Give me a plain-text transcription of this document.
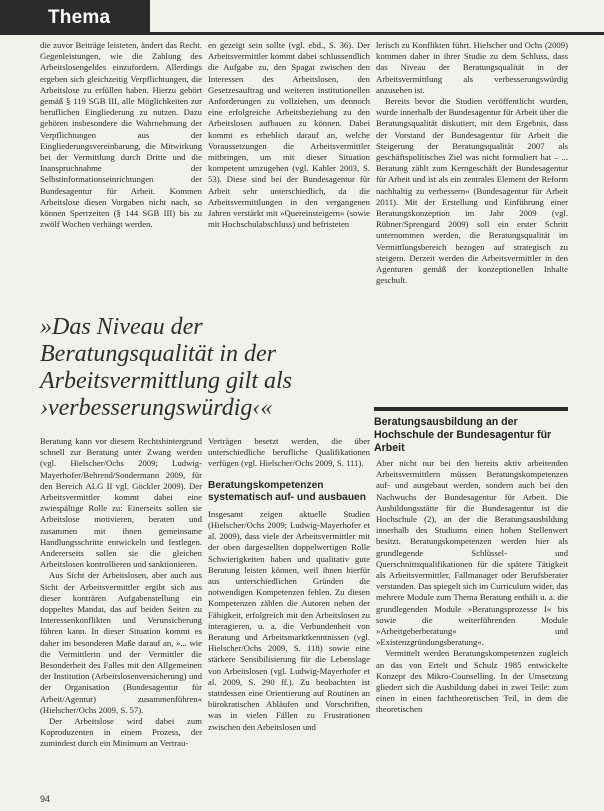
Thema

die zuvor Beiträge leisteten, ändert das Recht. Gegenleistungen, wie die Zahlung des Arbeitslosengeldes einzufordern. Allerdings ergeben sich gleichzeitig Verpflichtungen, die Arbeitslose zu erfüllen haben. Hierzu gehört gemäß § 119 SGB III, alle Möglichkeiten zur beruflichen Eingliederung zu nutzen. Dazu gehören insbesondere die Wahrnehmung der Verpflichtungen aus der Eingliederungsvereinbarung, die Mitwirkung bei der Vermittlung durch Dritte und die Inanspruchnahme der Selbstinformationseinrichtungen der Bundesagentur für Arbeit. Kommen Arbeitslose diesen Vorgaben nicht nach, so können Sperrzeiten (§ 144 SGB III) bis zu zwölf Wochen verhängt werden.

en gezeigt sein sollte (vgl. ebd., S. 36). Der Arbeitsvermittler kommt dabei schlussendlich die Aufgabe zu, den Spagat zwischen den Interessen des Arbeitslosen, den Gesetzesauftrag und weiteren institutionellen Anforderungen zu vollziehen, um dennoch eine erfolgreiche Arbeitsbeziehung zu den Arbeitslosen aufbauen zu können. Dabei kommt es erheblich darauf an, welche Voraussetzungen die Arbeitsvermittler mitbringen, um mit dieser Situation kompetent umzugehen (vgl. Kahler 2003, S. 53). Diese sind bei der Bundesagentur für Arbeit sehr unterschiedlich, da die Arbeitsvermittlungen in den vergangenen Jahren verstärkt mit »Quereinsteigern« (sowie mit Hochschulabschluss) und befristeten

lerisch zu Konflikten führt. Hielscher und Ochs (2009) kommen daher in ihrer Studie zu dem Schluss, dass das Niveau der Beratungsqualität in der Arbeitsvermittlung als verbesserungswürdig anzusehen ist.

Bereits bevor die Studien veröffentlicht wurden, wurde innerhalb der Bundesagentur für Arbeit über die Beratungsqualität diskutiert, mit dem Ergebnis, dass der Vorstand der Bundesagentur für Arbeit die Steigerung der Beratungsqualität 2007 als geschäftspolitisches Ziel was nicht formuliert hat – ... Beratung zählt zum Kerngeschäft der Bundesagentur für Arbeit und ist als ein zentrales Element der Reform nachhaltig zu verbessern« (Bundesagentur für Arbeit 2011). Mit der Erstellung und Einführung einer Beratungskonzeption im Jahr 2009 (vgl. Rübner/Sprengard 2009) soll ein erster Schritt unternommen werden, die Beratungsqualität im Vermittlungsbereich bezogen auf strategisch zu steigern. Derzeit werden die Arbeitsvermittler in den Agenturen gemäß der konzeptionellen Inhalte geschult.

»Das Niveau der Beratungsqualität in der Arbeitsvermittlung gilt als ›verbesserungswürdig‹«

Beratung kann vor diesem Rechtshintergrund schnell zur Beratung unter Zwang werden (vgl. Hielscher/Ochs 2009; Ludwig-Mayerhofer/Behrend/Sondermann 2009, für den Bereich ALG II vgl. Göckler 2009). Der Arbeitsvermittler kommt dabei eine zwiespältige Rolle zu: Einerseits sollen sie Arbeitslose motivieren, beraten und zusammen mit ihnen gemeinsame Handlungsschritte entwickeln und festlegen. Andererseits sollen sie die gleichen Arbeitslosen kontrollieren und sanktionieren.

Aus Sicht der Arbeitslosen, aber auch aus Sicht der Arbeitsvermittler ergibt sich aus dieser konträren Aufgabenstellung ein doppeltes Mandat, das auf beiden Seiten zu Interessenkonflikten und Verunsicherung führen kann. In dieser Situation kommt es daher im besonderen Maße darauf an, »... wie die Vermittlerin und der Vermittler die Besonderheit des Falles mit den Allgemeinen der Institution (Arbeitslosenversicherung) und der Organisation (Bundesagentur für Arbeit/Agentur) zusammenführen« (Hielscher/Ochs 2009, S. 57).

Der Arbeitslose wird dabei zum Koproduzenten in einem Prozess, der zumindest durch ein Minimum an Vertrau-

Verträgen besetzt werden, die über unterschiedliche berufliche Qualifikationen verfügen (vgl. Hielscher/Ochs 2009, S. 111).

Beratungskompetenzen systematisch auf- und ausbauen

Insgesamt zeigen aktuelle Studien (Hielscher/Ochs 2009; Ludwig-Mayerhofer et al. 2009), dass viele der Arbeitsvermittler mit der oben dargestellten doppelwertigen Rolle Schwierigkeiten haben und qualitativ gute Beratung leisten können, weil ihnen hierfür aus unterschiedlichen Gründen die notwendigen Kompetenzen fehlen. Zu diesen Kompetenzen zählen die Autoren neben der Fähigkeit, erfolgreich mit den Arbeitslosen zu interagieren, u. a. die Verbundenheit von Beratung und Arbeitsmarktkenntnissen (vgl. Hielscher/Ochs 2009, S. 118) sowie eine stärkere Sensibilisierung für die Lebenslage von Arbeitslosen (vgl. Ludwig-Mayerhofer et al. 2009, S. 290 ff.). Zu beobachten ist stattdessen eine Orientierung auf Routinen an bürokratischen Abläufen und Vorschriften, was in vielen Fällen zu Frustrationen zwischen den Arbeitslosen und

Beratungsausbildung an der Hochschule der Bundesagentur für Arbeit

Aber nicht nur bei den bereits aktiv arbeitenden Arbeitsvermittlern müssen Beratungskompetenzen auf- und ausgebaut werden, sondern auch bei den Nachwuchs der Bundesagentur für Arbeit. Die Ausbildungsstätte für die Bundesagentur ist die Hochschule (2), an der die Beratungsausbildung innerhalb des Studiums einen hohen Stellenwert besitzt. Beratungskompetenzen werden hier als grundlegende Schlüssel- und Querschnittsqualifikationen für die spätere Tätigkeit als Arbeitsvermittler, Fallmanager oder Berufsberater verstanden. Das spiegelt sich im Curriculum wider, das mehrere Module zum Thema Beratung enthält u. a. die grundlegenden Module »Beratungsprozesse I« bis sowie die weiterführenden Module »Arbeitgeberberatung« und »Existenzgründungsberatung«.

Vermittelt werden Beratungskompetenzen zugleich an das von Ertelt und Schulz 1985 entwickelte Konzept des Mikro-Counselling. In der Umsetzung gliedert sich die Ausbildung dabei in zwei Teile: zum einen in einen fachtheoretischen Teil, in dem die theoretischen

94
